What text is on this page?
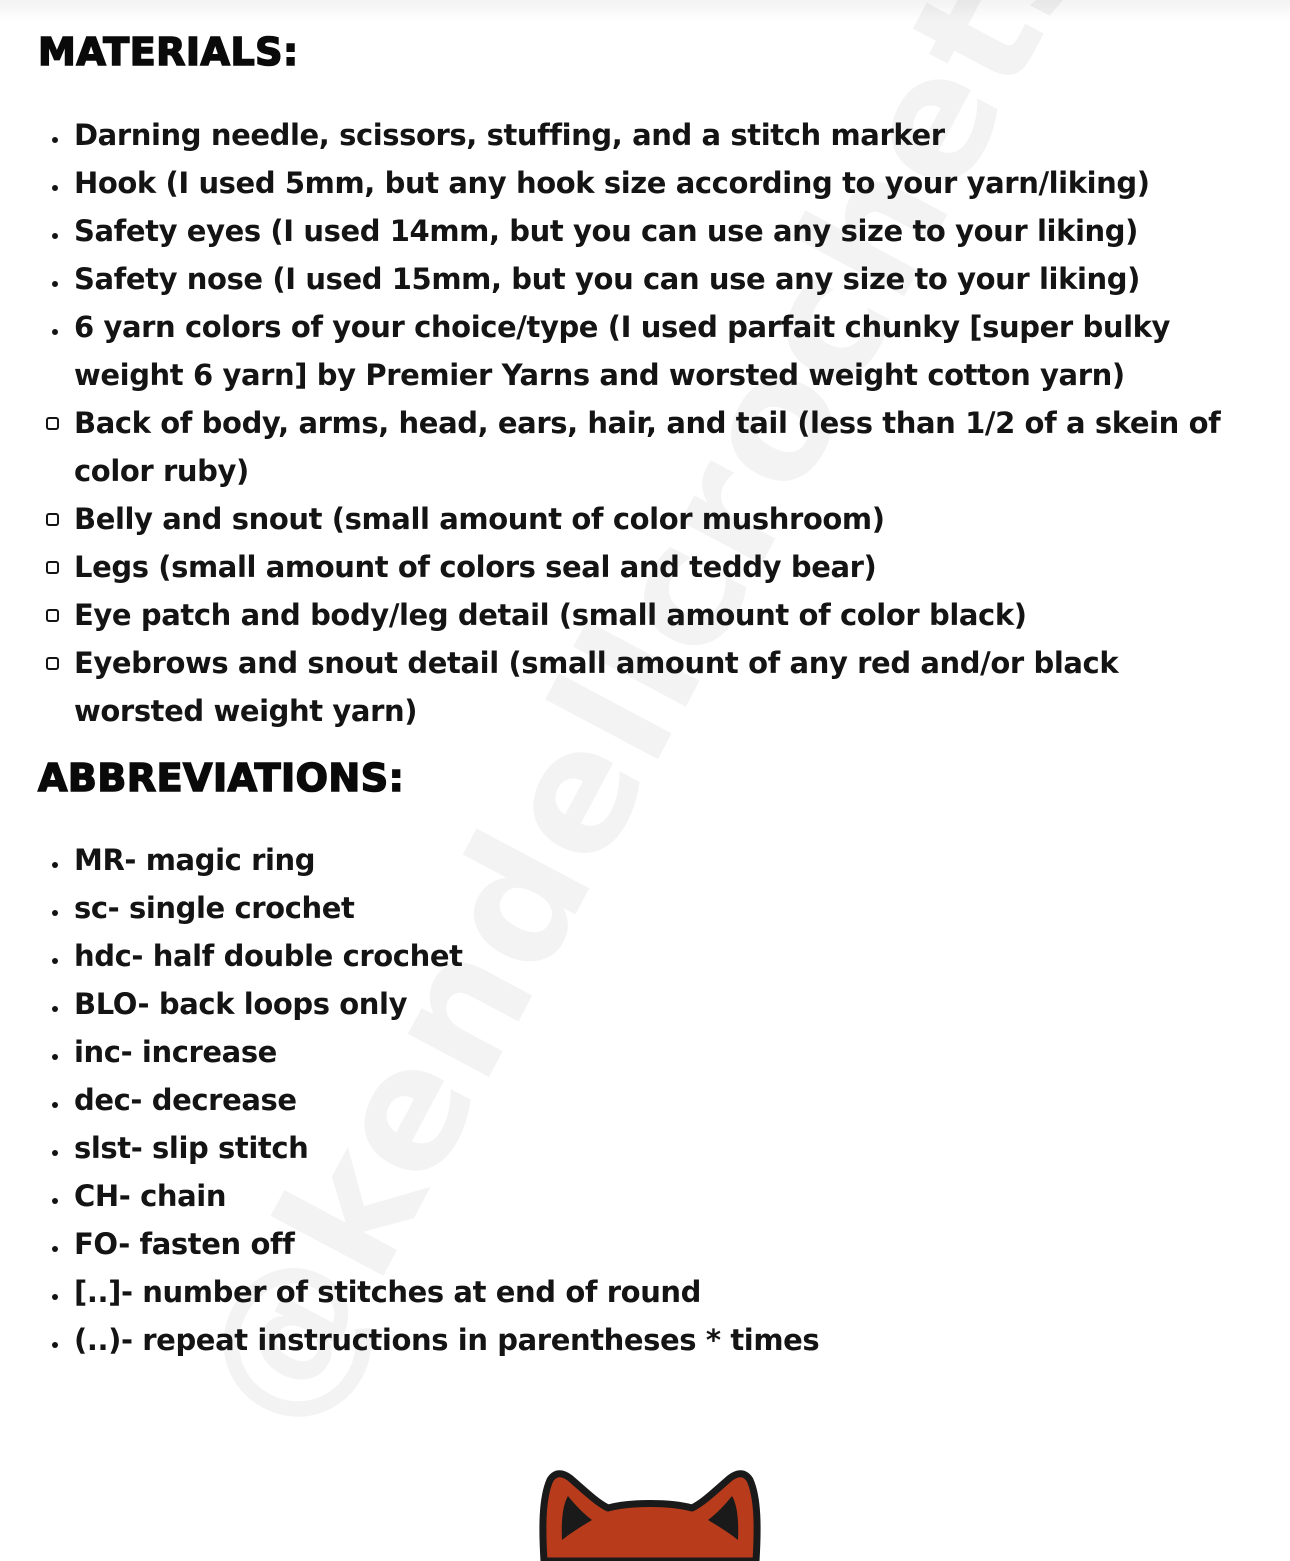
MATERIALS:
Darning needle, scissors, stuffing, and a stitch marker
Hook (I used 5mm, but any hook size according to your yarn/liking)
Safety eyes (I used 14mm, but you can use any size to your liking)
Safety nose (I used 15mm, but you can use any size to your liking)
6 yarn colors of your choice/type (I used parfait chunky [super bulky weight 6 yarn] by Premier Yarns and worsted weight cotton yarn)
Back of body, arms, head, ears, hair, and tail (less than 1/2 of a skein of color ruby)
Belly and snout (small amount of color mushroom)
Legs (small amount of colors seal and teddy bear)
Eye patch and body/leg detail (small amount of color black)
Eyebrows and snout detail (small amount of any red and/or black worsted weight yarn)
ABBREVIATIONS:
MR- magic ring
sc- single crochet
hdc- half double crochet
BLO- back loops only
inc- increase
dec- decrease
slst- slip stitch
CH- chain
FO- fasten off
[..]- number of stitches at end of round
(..)- repeat instructions in parentheses * times
